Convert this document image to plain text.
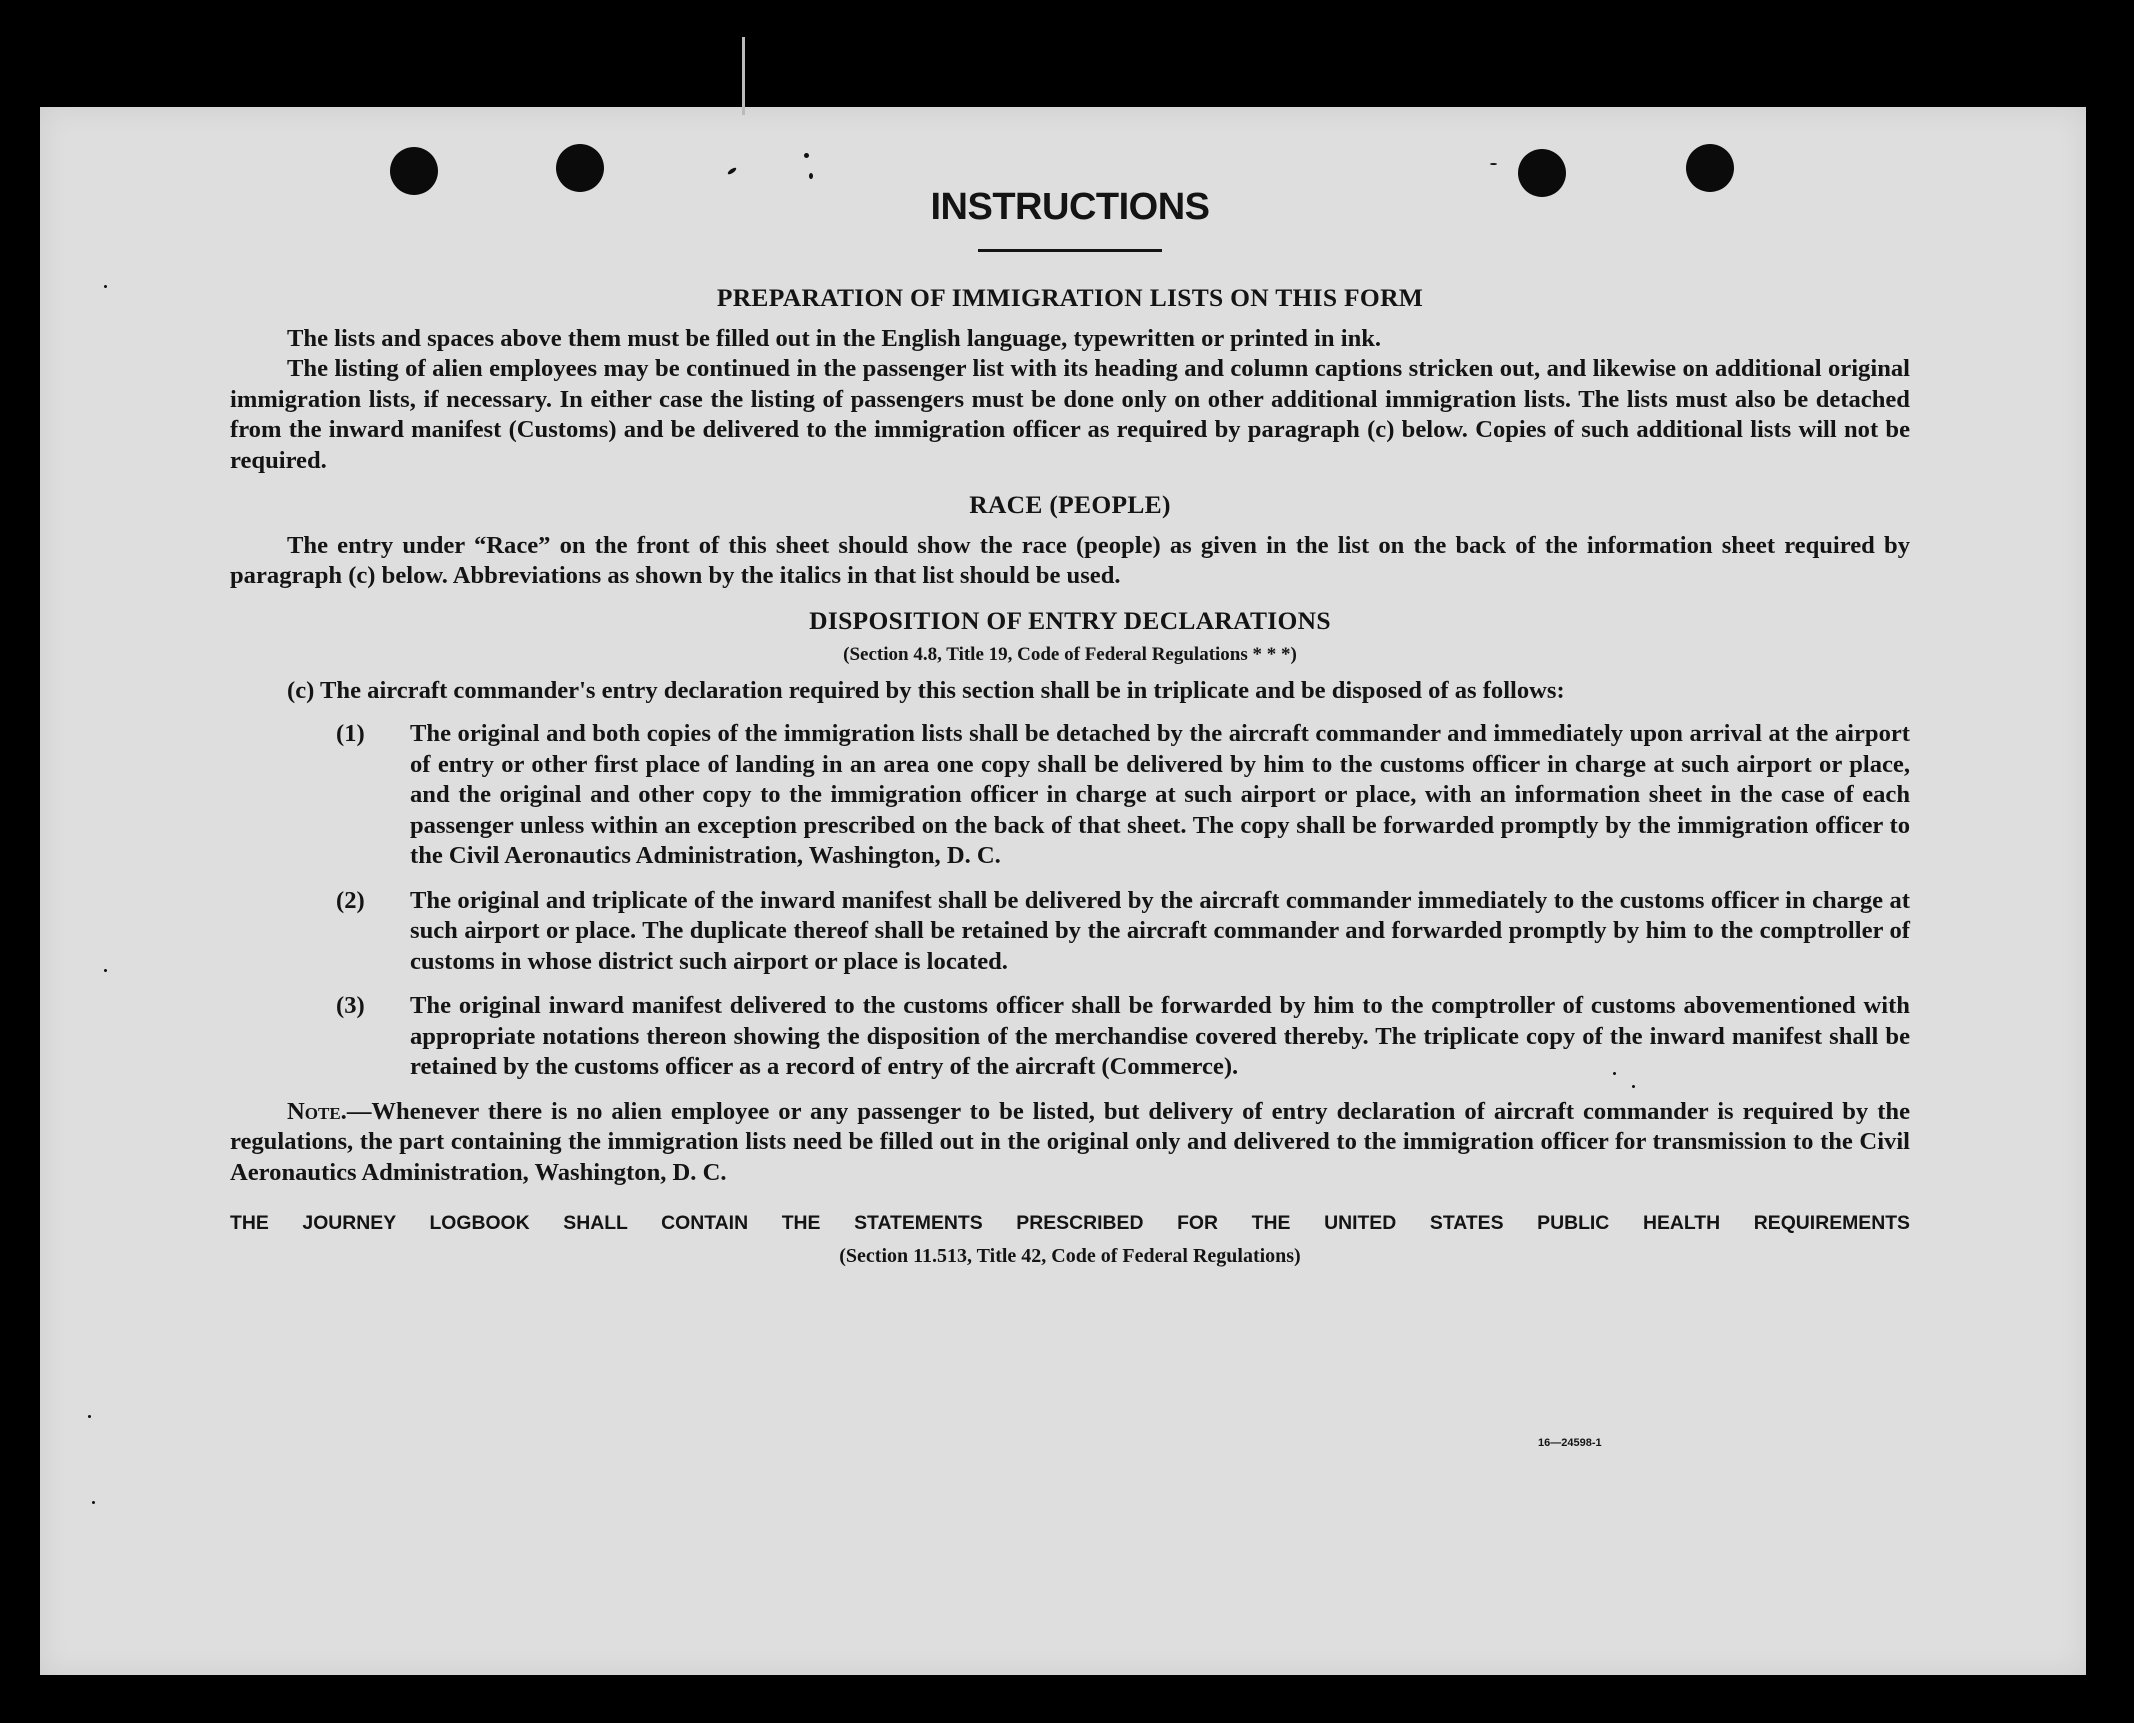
INSTRUCTIONS
PREPARATION OF IMMIGRATION LISTS ON THIS FORM

The lists and spaces above them must be filled out in the English language, typewritten or printed in ink.

The listing of alien employees may be continued in the passenger list with its heading and column captions stricken out, and likewise on additional original immigration lists, if necessary. In either case the listing of passengers must be done only on other additional immigration lists. The lists must also be detached from the inward manifest (Customs) and be delivered to the immigration officer as required by paragraph (c) below. Copies of such additional lists will not be required.

RACE (PEOPLE)

The entry under “Race” on the front of this sheet should show the race (people) as given in the list on the back of the information sheet required by paragraph (c) below. Abbreviations as shown by the italics in that list should be used.

DISPOSITION OF ENTRY DECLARATIONS

(Section 4.8, Title 19, Code of Federal Regulations * * *)

(c) The aircraft commander's entry declaration required by this section shall be in triplicate and be disposed of as follows:

(1) The original and both copies of the immigration lists shall be detached by the aircraft commander and immediately upon arrival at the airport of entry or other first place of landing in an area one copy shall be delivered by him to the customs officer in charge at such airport or place, and the original and other copy to the immigration officer in charge at such airport or place, with an information sheet in the case of each passenger unless within an exception prescribed on the back of that sheet. The copy shall be forwarded promptly by the immigration officer to the Civil Aeronautics Administration, Washington, D. C.
(2) The original and triplicate of the inward manifest shall be delivered by the aircraft commander immediately to the customs officer in charge at such airport or place. The duplicate thereof shall be retained by the aircraft commander and forwarded promptly by him to the comptroller of customs in whose district such airport or place is located.
(3) The original inward manifest delivered to the customs officer shall be forwarded by him to the comptroller of customs abovementioned with appropriate notations thereon showing the disposition of the merchandise covered thereby. The triplicate copy of the inward manifest shall be retained by the customs officer as a record of entry of the aircraft (Commerce).

Note.—Whenever there is no alien employee or any passenger to be listed, but delivery of entry declaration of aircraft commander is required by the regulations, the part containing the immigration lists need be filled out in the original only and delivered to the immigration officer for transmission to the Civil Aeronautics Administration, Washington, D. C.

THE JOURNEY LOGBOOK SHALL CONTAIN THE STATEMENTS PRESCRIBED FOR THE UNITED STATES PUBLIC HEALTH REQUIREMENTS

(Section 11.513, Title 42, Code of Federal Regulations)

16—24598-1
